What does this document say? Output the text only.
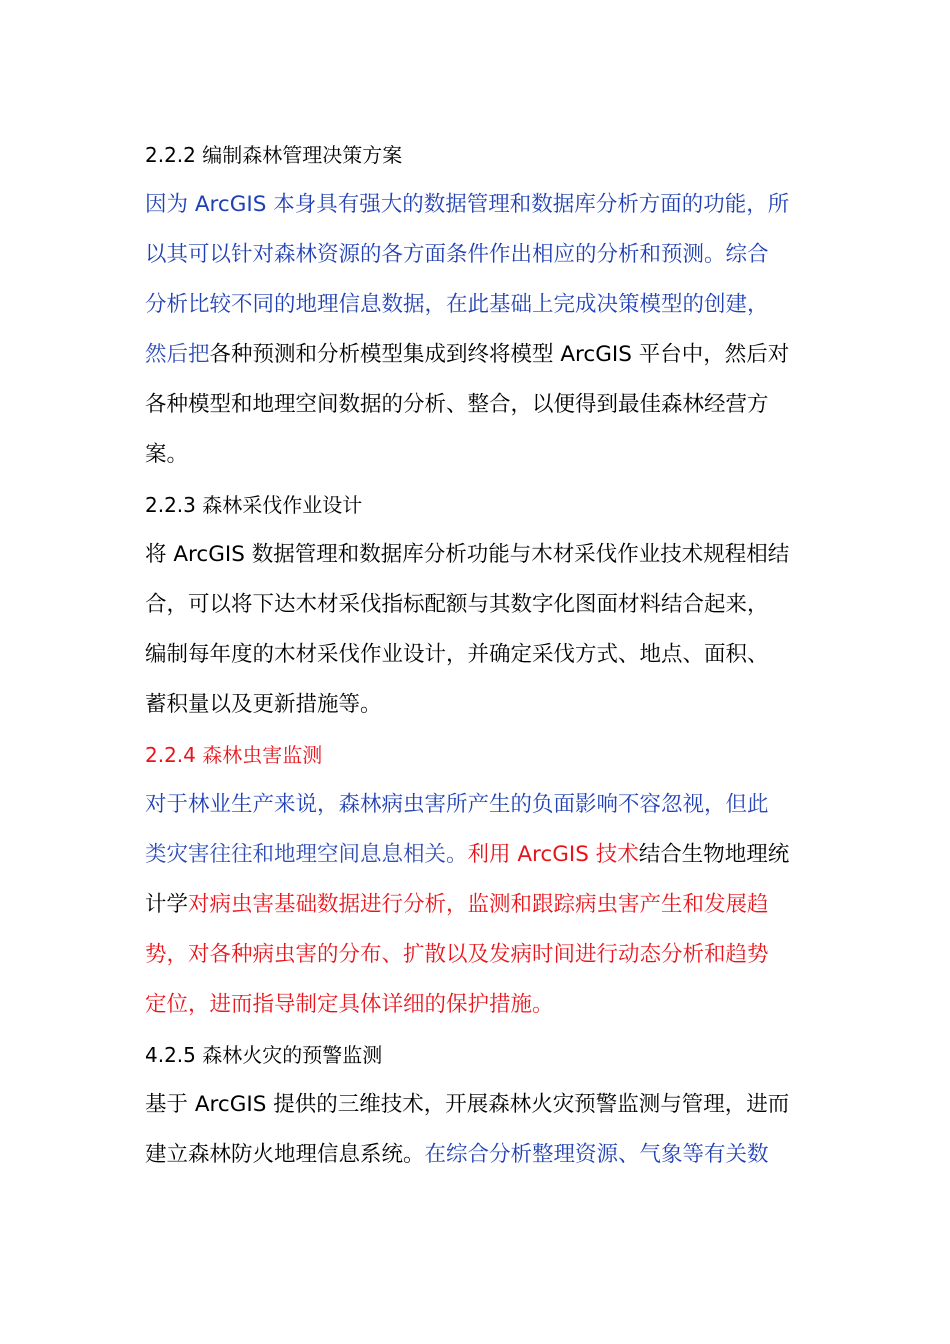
2.2.2 编制森林管理决策方案
因为 ArcGIS 本身具有强大的数据管理和数据库分析方面的功能，所
以其可以针对森林资源的各方面条件作出相应的分析和预测。综合
分析比较不同的地理信息数据，在此基础上完成决策模型的创建，
然后把 各种预测和分析模型集成到终将模型 ArcGIS 平台中，然后对
各种模型和地理空间数据的分析、整合，以便得到最佳森林经营方
案。
2.2.3 森林采伐作业设计
将 ArcGIS 数据管理和数据库分析功能与木材采伐作业技术规程相结
合，可以将下达木材采伐指标配额与其数字化图面材料结合起来，
编制每年度的木材采伐作业设计，并确定采伐方式、地点、面积、
蓄积量以及更新措施等。
2.2.4 森林虫害监测
对于林业生产来说，森林病虫害所产生的负面影响不容忽视， 但此
类灾害往往和地理空间息息相关。 利用 ArcGIS 技术 结合生物地理统
计学 对病虫害基础数据进行分析，监测和跟踪病虫害产生和发展趋
势，对各种病虫害的分布、扩散以及发病时间进行动态分析和趋势
定位，进而指导制定具体详细的保护措施。
4.2.5 森林火灾的预警监测
基于 ArcGIS 提供的三维技术，开展森林火灾预警监测与管理，进而
建立森林防火地理信息系统。 在综合分析整理资源、气象等有关数
